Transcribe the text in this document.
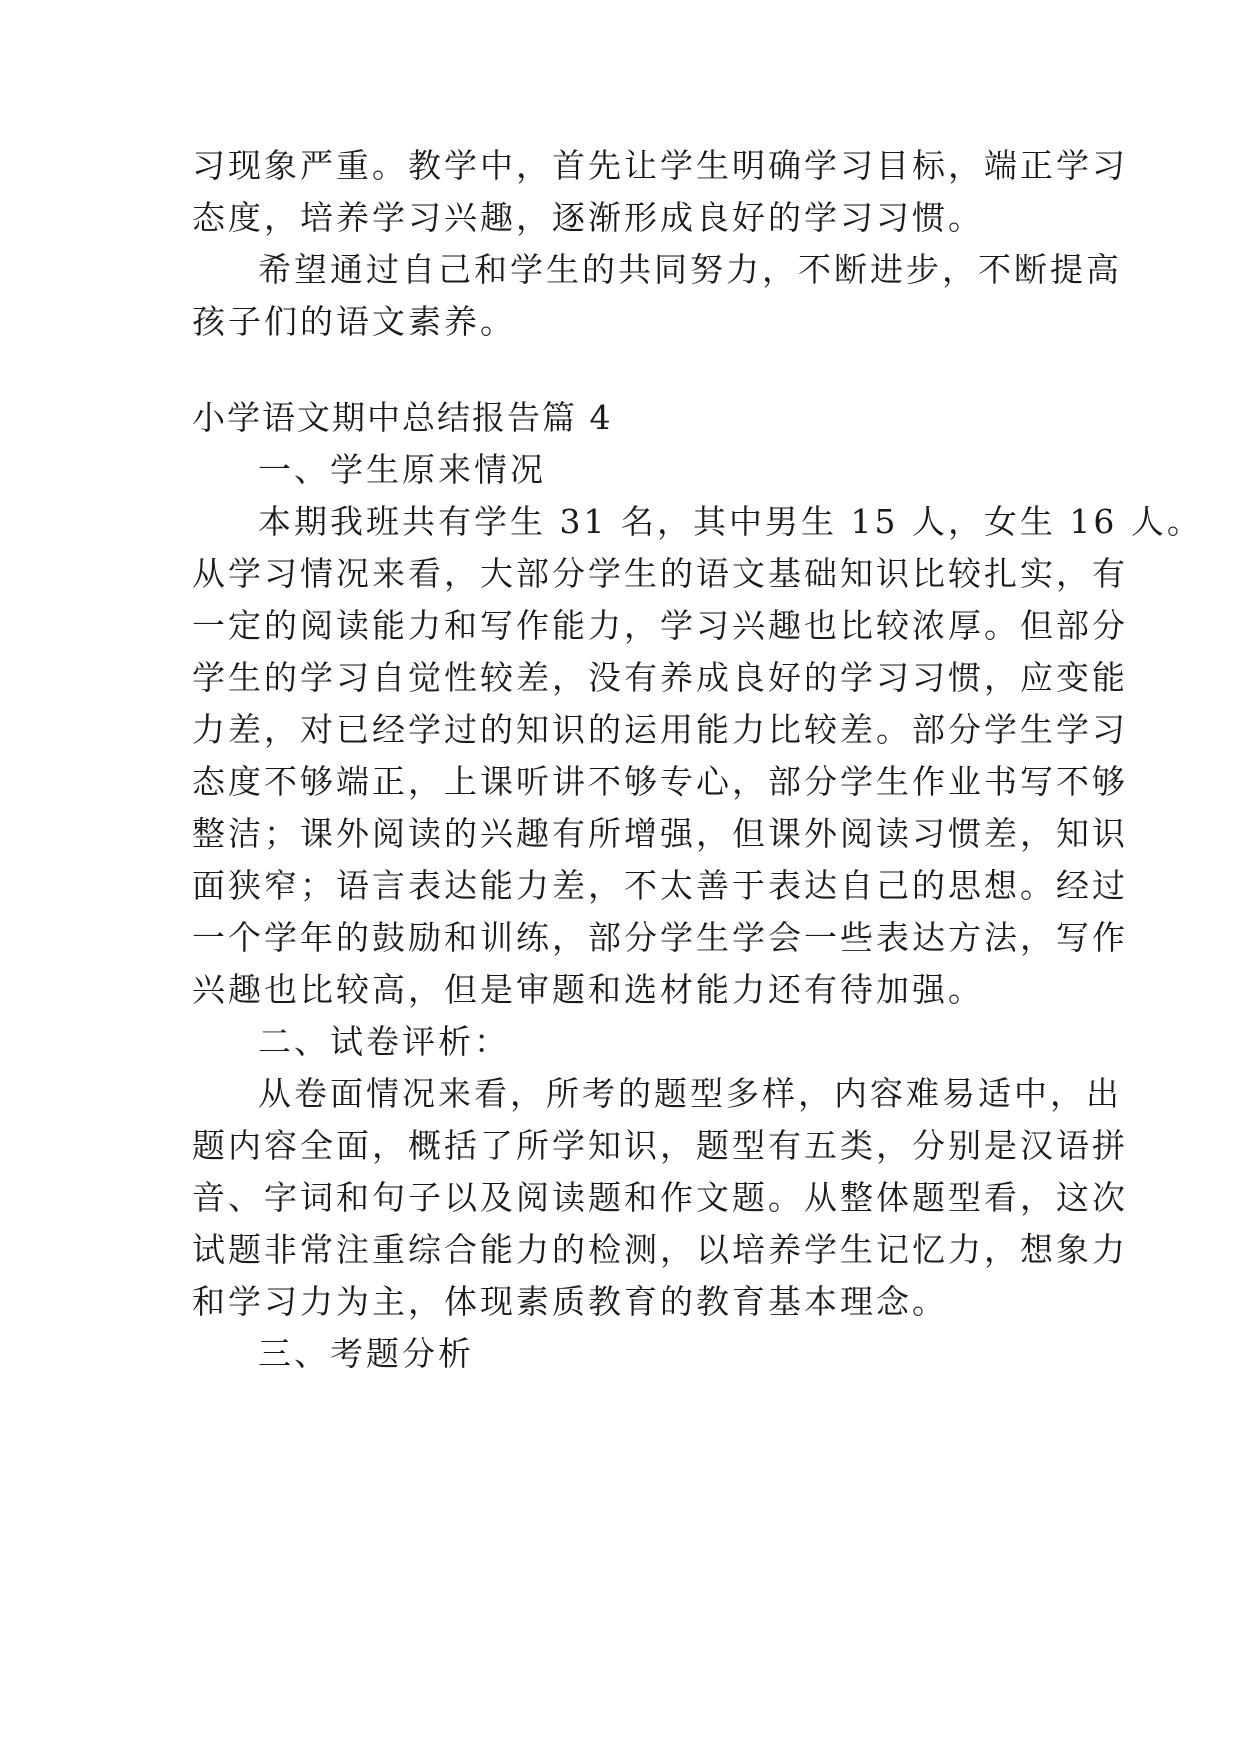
习现象严重。教学中，首先让学生明确学习目标，端正学习
态度，培养学习兴趣，逐渐形成良好的学习习惯。
希望通过自己和学生的共同努力，不断进步，不断提高
孩子们的语文素养。
小学语文期中总结报告篇 4
一、学生原来情况
本期我班共有学生 31 名，其中男生 15 人，女生 16 人。
从学习情况来看，大部分学生的语文基础知识比较扎实，有
一定的阅读能力和写作能力，学习兴趣也比较浓厚。但部分
学生的学习自觉性较差，没有养成良好的学习习惯，应变能
力差，对已经学过的知识的运用能力比较差。部分学生学习
态度不够端正，上课听讲不够专心，部分学生作业书写不够
整洁；课外阅读的兴趣有所增强，但课外阅读习惯差，知识
面狭窄；语言表达能力差，不太善于表达自己的思想。经过
一个学年的鼓励和训练，部分学生学会一些表达方法，写作
兴趣也比较高，但是审题和选材能力还有待加强。
二、试卷评析：
从卷面情况来看，所考的题型多样，内容难易适中，出
题内容全面，概括了所学知识，题型有五类，分别是汉语拼
音、字词和句子以及阅读题和作文题。从整体题型看，这次
试题非常注重综合能力的检测，以培养学生记忆力，想象力
和学习力为主，体现素质教育的教育基本理念。
三、考题分析
